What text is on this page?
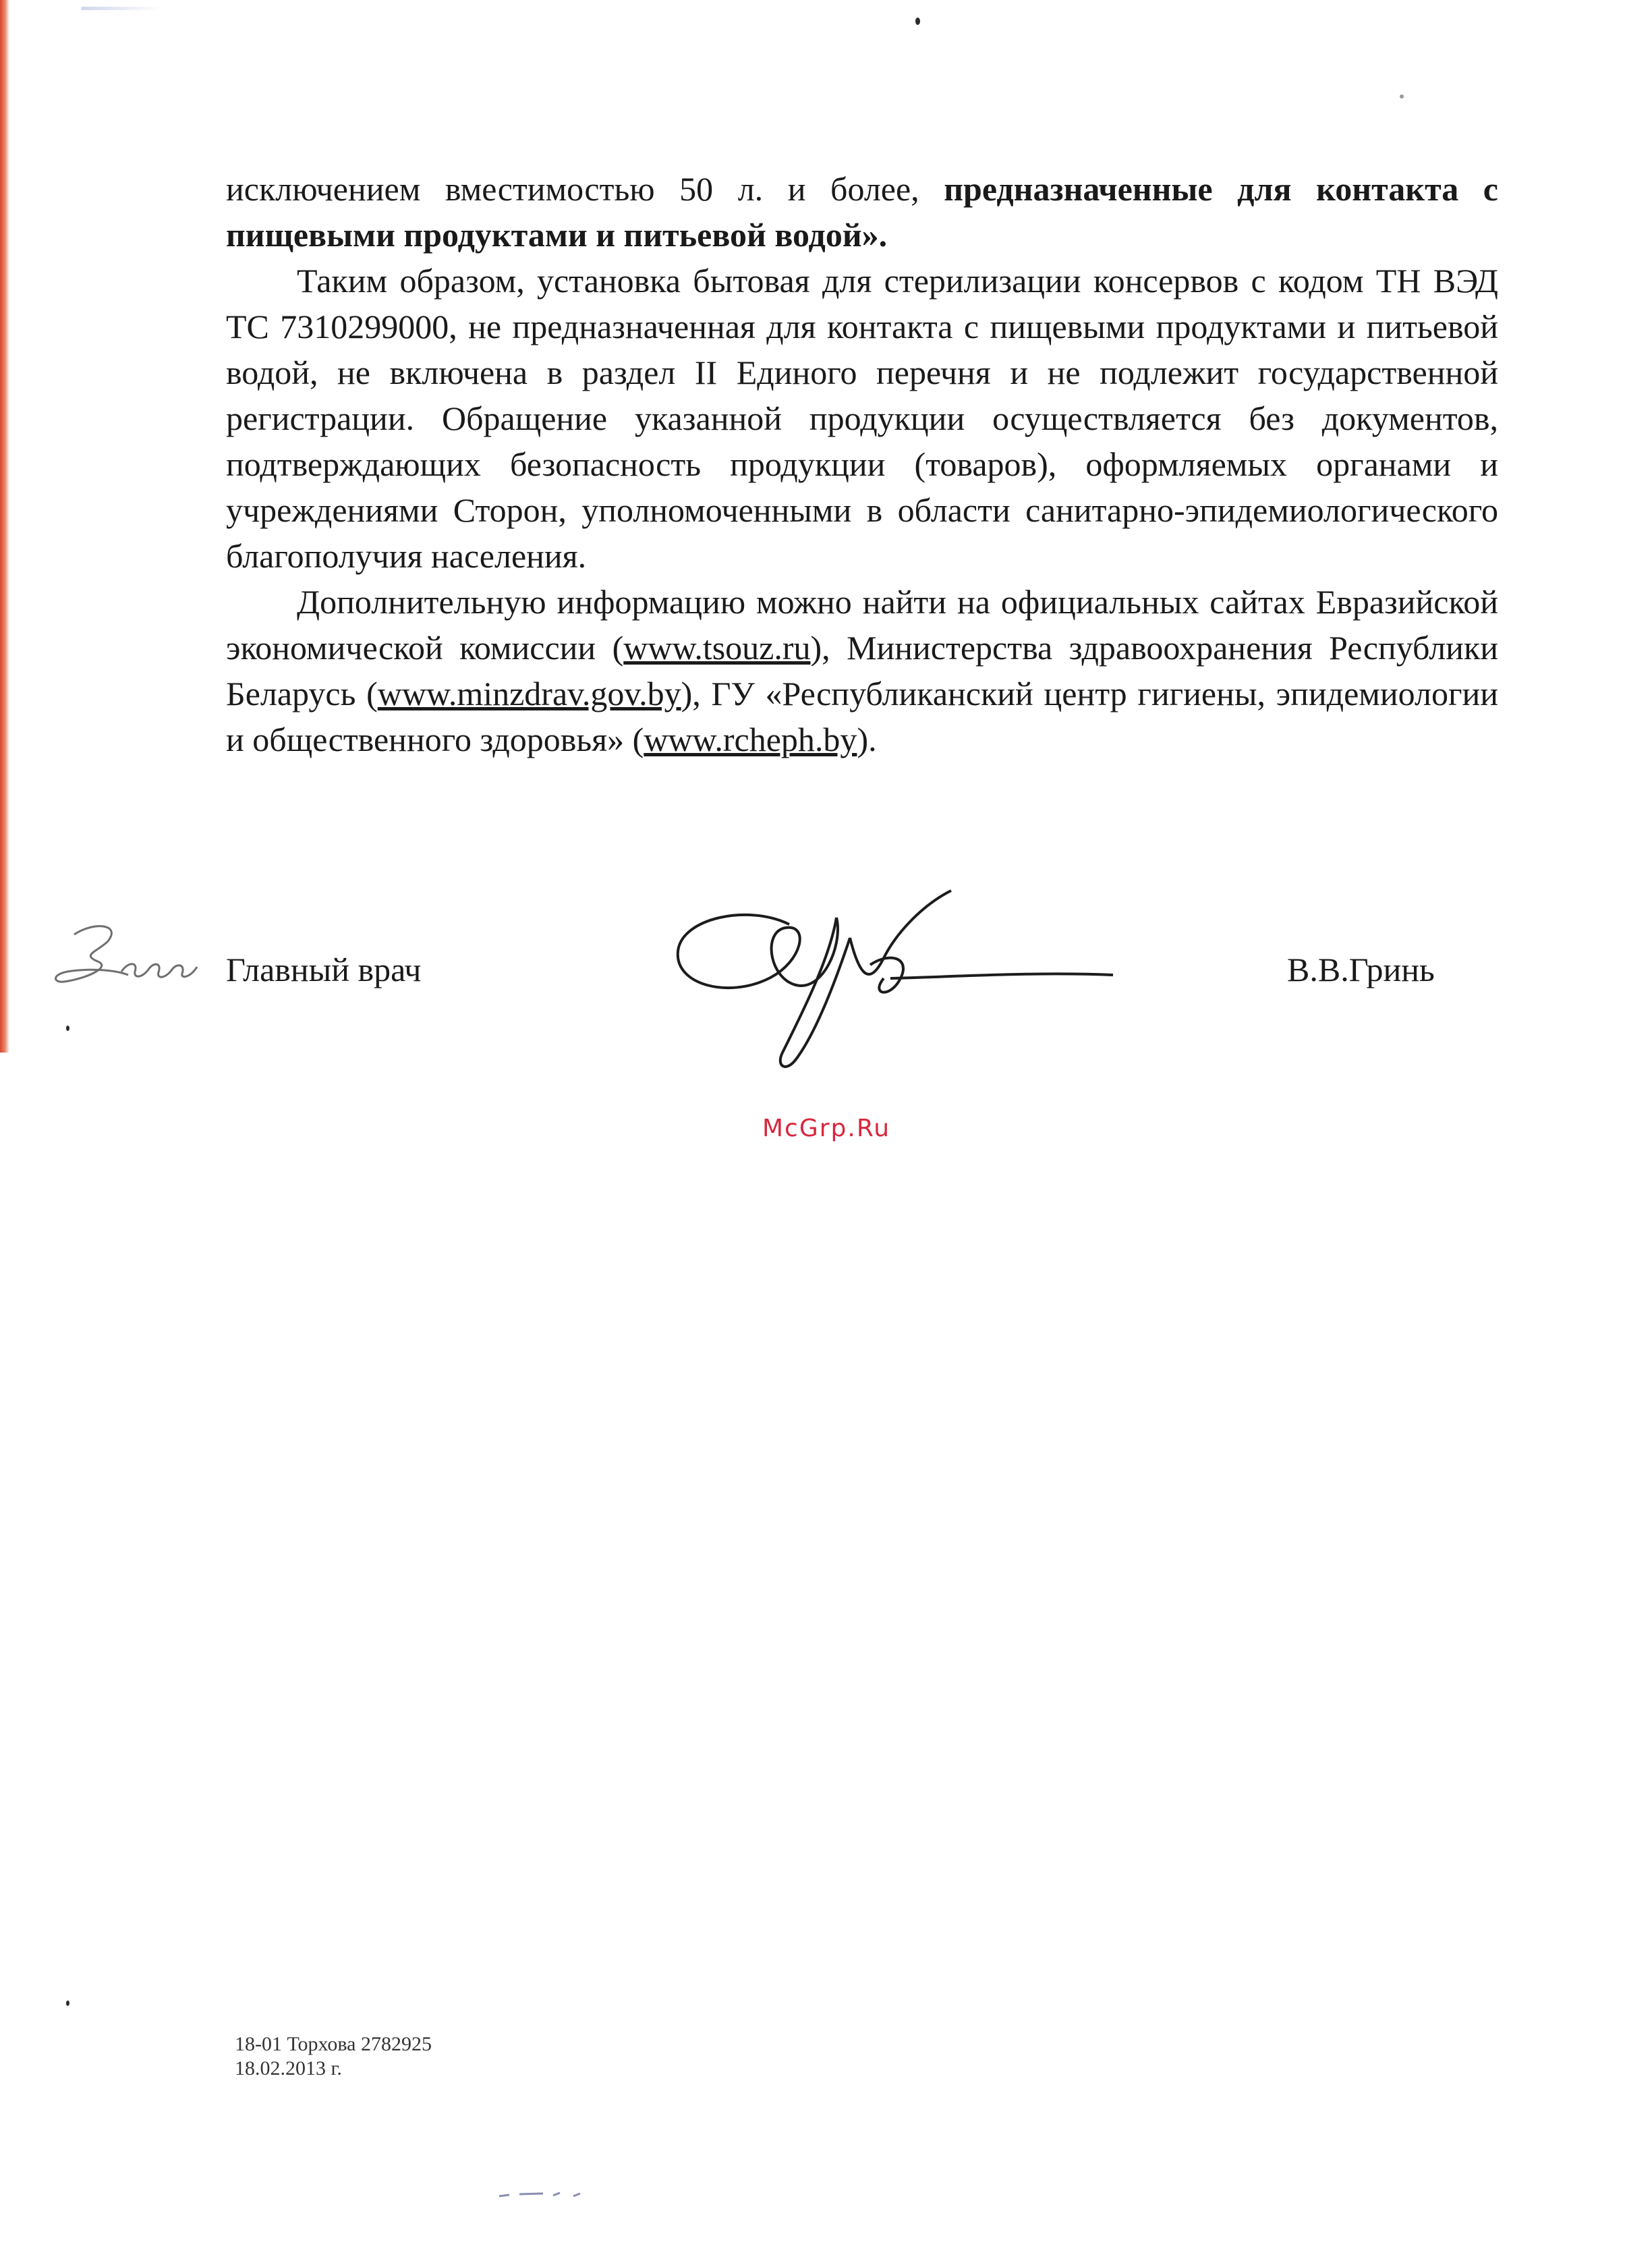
исключением вместимостью 50 л. и более, предназначенные для контакта с пищевыми продуктами и питьевой водой».

Таким образом, установка бытовая для стерилизации консервов с кодом ТН ВЭД ТС 7310299000, не предназначенная для контакта с пищевыми продуктами и питьевой водой, не включена в раздел II Единого перечня и не подлежит государственной регистрации. Обращение указанной продукции осуществляется без документов, подтверждающих безопасность продукции (товаров), оформляемых органами и учреждениями Сторон, уполномоченными в области санитарно-эпидемиологического благополучия населения.

Дополнительную информацию можно найти на официальных сайтах Евразийской экономической комиссии (www.tsouz.ru), Министерства здравоохранения Республики Беларусь (www.minzdrav.gov.by), ГУ «Республиканский центр гигиены, эпидемиологии и общественного здоровья» (www.rcheph.by).

Главный врач	В.В.Гринь
McGrp.Ru
18-01 Торхова 2782925
18.02.2013 г.
